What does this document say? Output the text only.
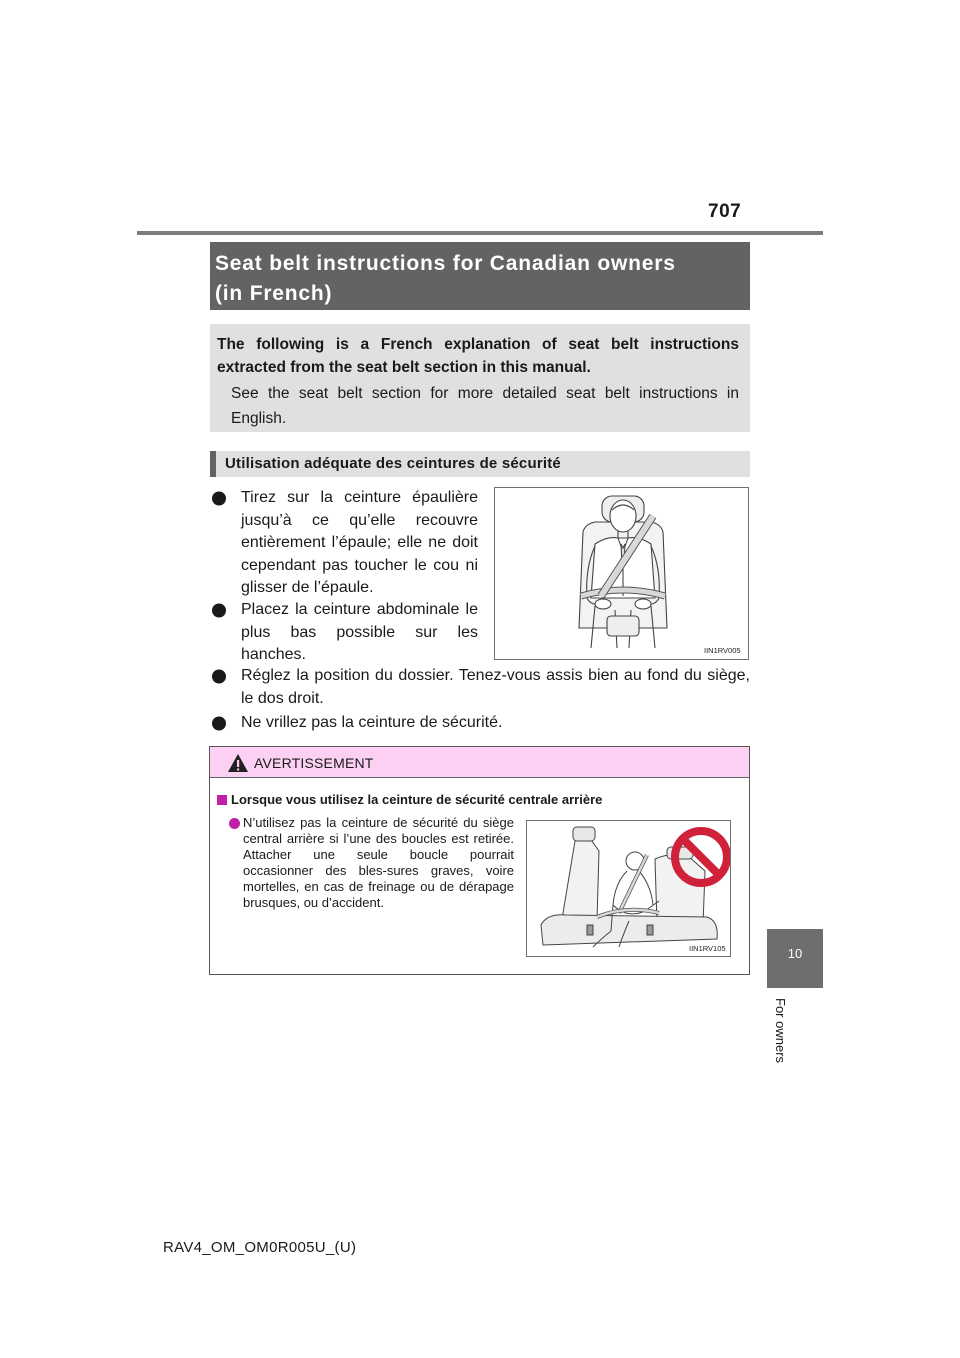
707
Seat belt instructions for Canadian owners
(in French)
The following is a French explanation of seat belt instructions extracted from the seat belt section in this manual.
See the seat belt section for more detailed seat belt instructions in English.
Utilisation adéquate des ceintures de sécurité
Tirez sur la ceinture épaulière jusqu’à ce qu’elle recouvre entièrement l’épaule; elle ne doit cependant pas toucher le cou ni glisser de l’épaule.
Placez la ceinture abdominale le plus bas possible sur les hanches.
Réglez la position du dossier. Tenez-vous assis bien au fond du siège, le dos droit.
Ne vrillez pas la ceinture de sécurité.
IIN1RV005
AVERTISSEMENT
Lorsque vous utilisez la ceinture de sécurité centrale arrière
N’utilisez pas la ceinture de sécurité du siège central arrière si l’une des boucles est retirée. Attacher une seule boucle pourrait occasionner des bles-sures graves, voire mortelles, en cas de freinage ou de dérapage brusques, ou d’accident.
IIN1RV105	10
For owners
RAV4_OM_OM0R005U_(U)
